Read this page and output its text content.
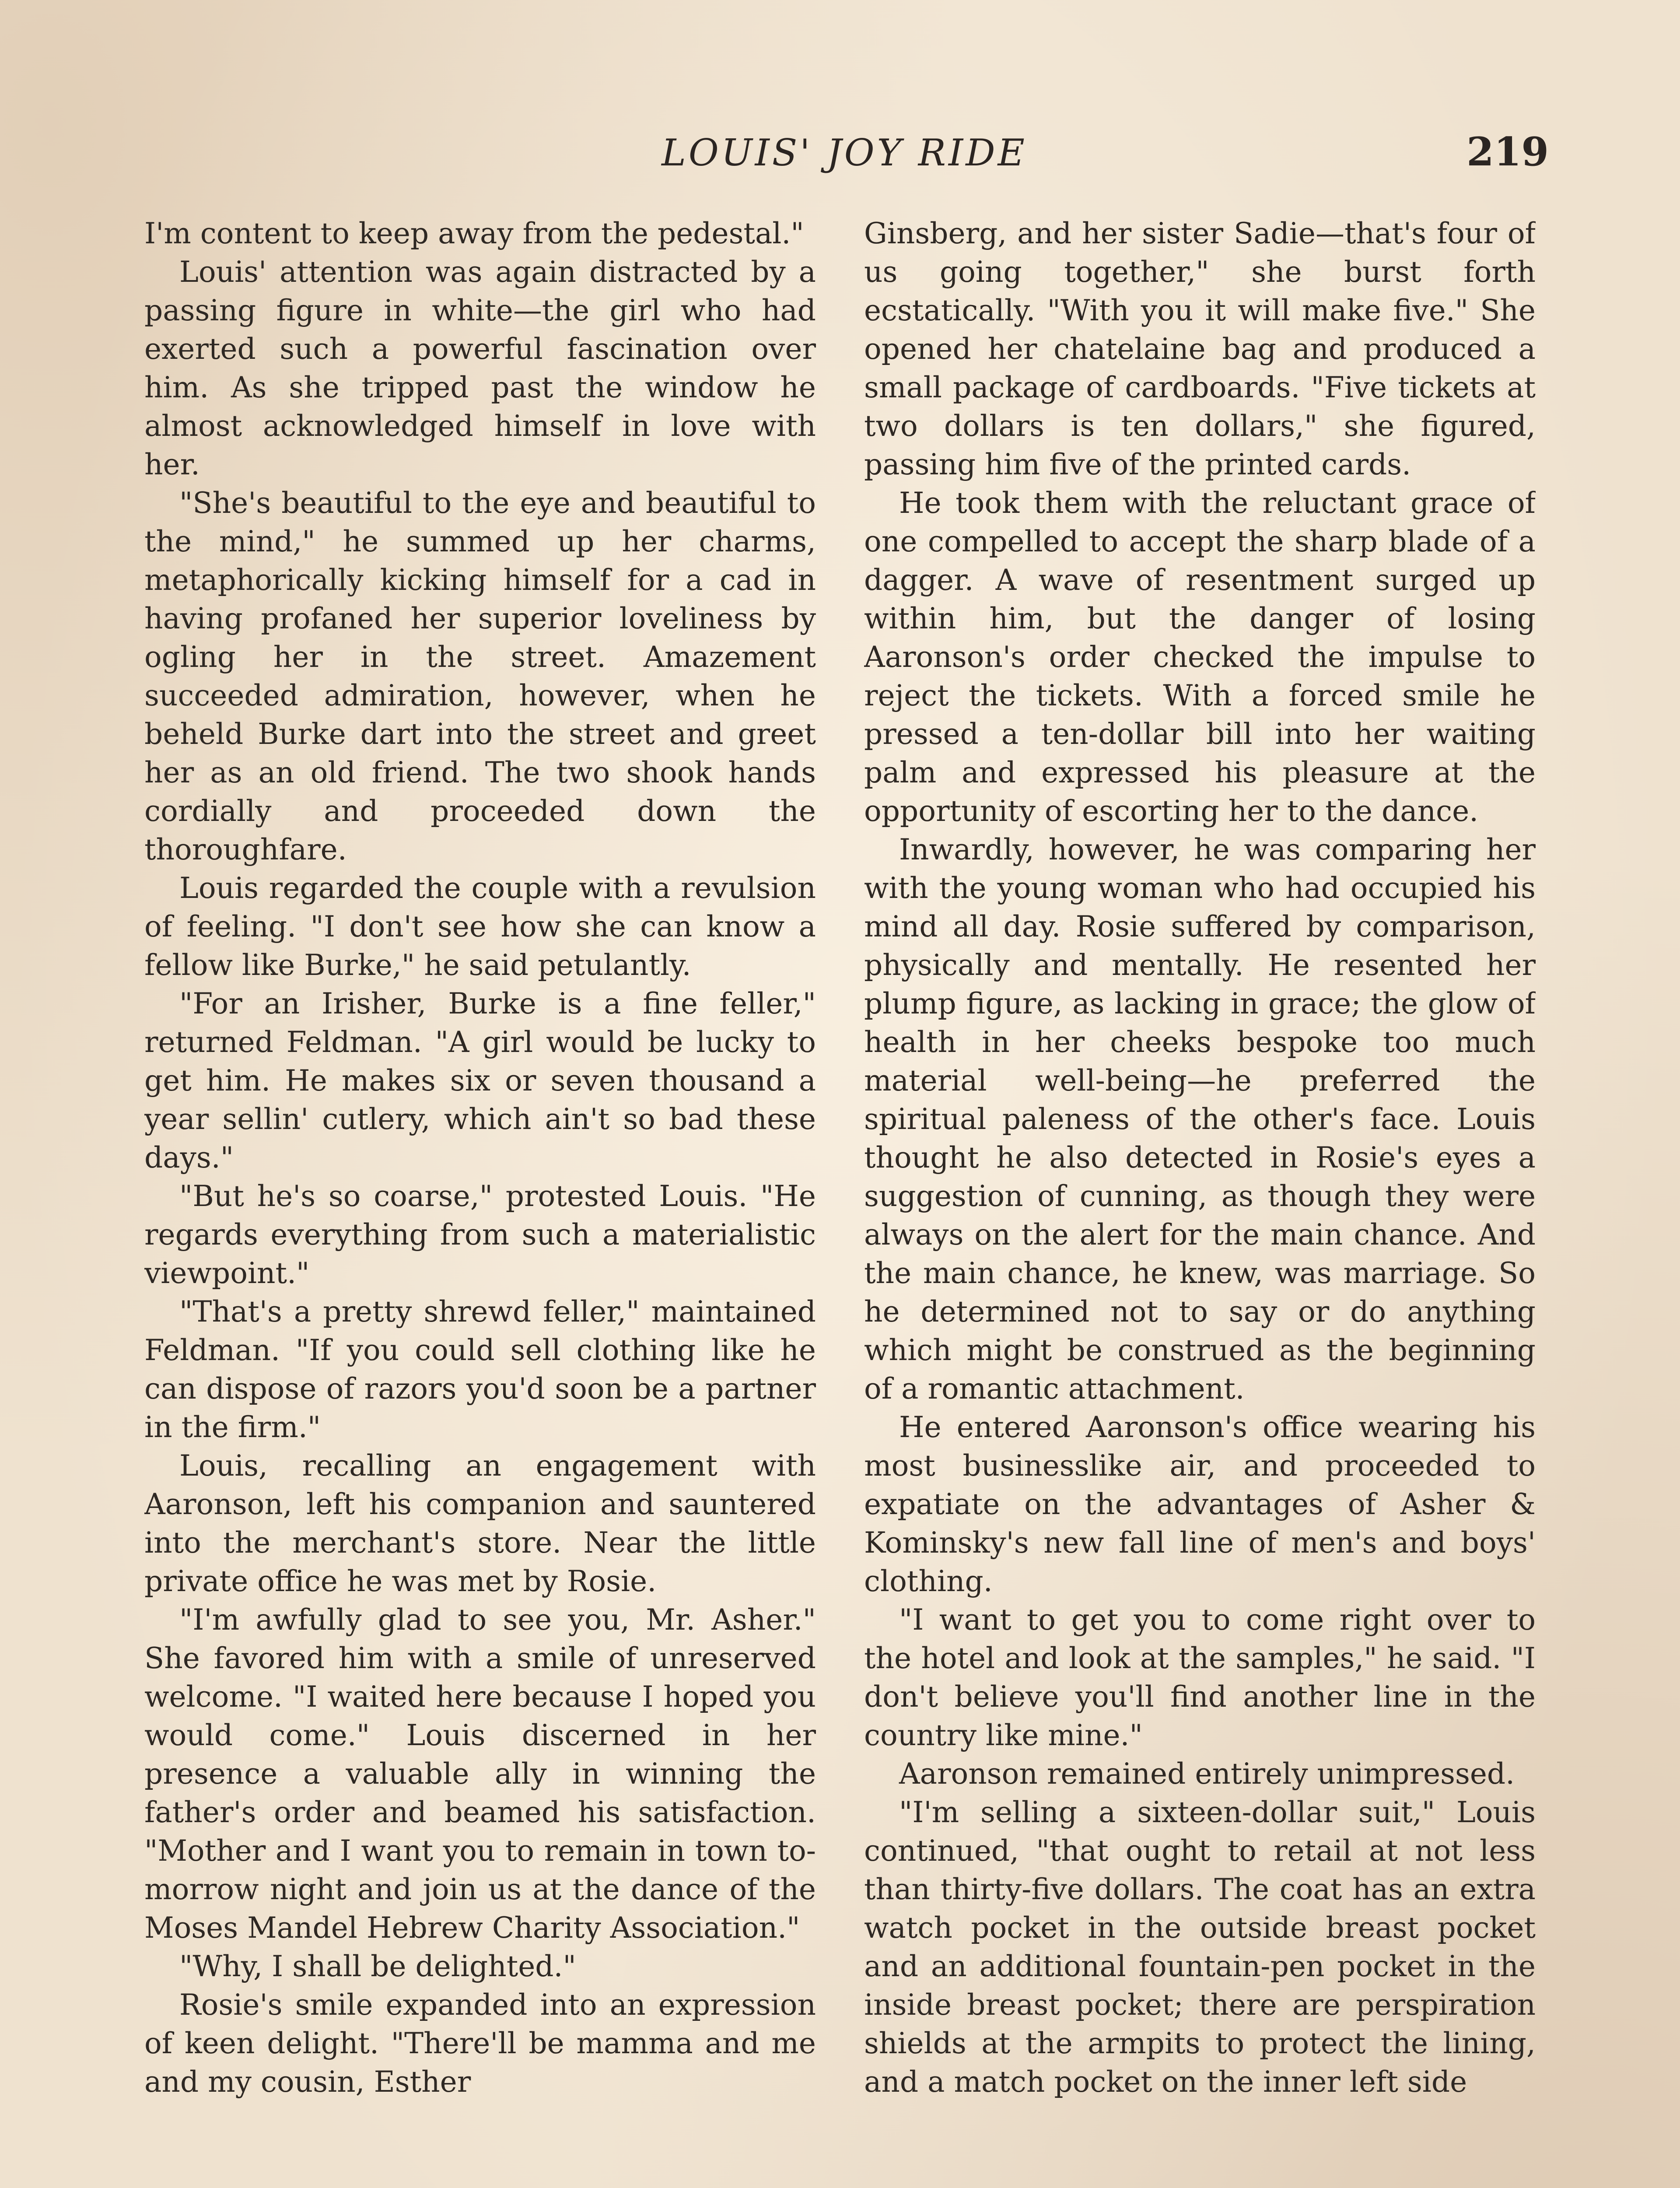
LOUIS' JOY RIDE	219

I'm content to keep away from the pedestal."

Louis' attention was again distracted by a passing figure in white—the girl who had exerted such a powerful fascination over him. As she tripped past the window he almost acknowledged himself in love with her.

"She's beautiful to the eye and beautiful to the mind," he summed up her charms, metaphorically kicking himself for a cad in having profaned her superior loveliness by ogling her in the street. Amazement succeeded admiration, however, when he beheld Burke dart into the street and greet her as an old friend. The two shook hands cordially and proceeded down the thoroughfare.

Louis regarded the couple with a revulsion of feeling. "I don't see how she can know a fellow like Burke," he said petulantly.

"For an Irisher, Burke is a fine feller," returned Feldman. "A girl would be lucky to get him. He makes six or seven thousand a year sellin' cutlery, which ain't so bad these days."

"But he's so coarse," protested Louis. "He regards everything from such a materialistic viewpoint."

"That's a pretty shrewd feller," maintained Feldman. "If you could sell clothing like he can dispose of razors you'd soon be a partner in the firm."

Louis, recalling an engagement with Aaronson, left his companion and sauntered into the merchant's store. Near the little private office he was met by Rosie.

"I'm awfully glad to see you, Mr. Asher." She favored him with a smile of unreserved welcome. "I waited here because I hoped you would come." Louis discerned in her presence a valuable ally in winning the father's order and beamed his satisfaction. "Mother and I want you to remain in town to-morrow night and join us at the dance of the Moses Mandel Hebrew Charity Association."

"Why, I shall be delighted."

Rosie's smile expanded into an expression of keen delight. "There'll be mamma and me and my cousin, Esther

Ginsberg, and her sister Sadie—that's four of us going together," she burst forth ecstatically. "With you it will make five." She opened her chatelaine bag and produced a small package of cardboards. "Five tickets at two dollars is ten dollars," she figured, passing him five of the printed cards.

He took them with the reluctant grace of one compelled to accept the sharp blade of a dagger. A wave of resentment surged up within him, but the danger of losing Aaronson's order checked the impulse to reject the tickets. With a forced smile he pressed a ten-dollar bill into her waiting palm and expressed his pleasure at the opportunity of escorting her to the dance.

Inwardly, however, he was comparing her with the young woman who had occupied his mind all day. Rosie suffered by comparison, physically and mentally. He resented her plump figure, as lacking in grace; the glow of health in her cheeks bespoke too much material well-being—he preferred the spiritual paleness of the other's face. Louis thought he also detected in Rosie's eyes a suggestion of cunning, as though they were always on the alert for the main chance. And the main chance, he knew, was marriage. So he determined not to say or do anything which might be construed as the beginning of a romantic attachment.

He entered Aaronson's office wearing his most businesslike air, and proceeded to expatiate on the advantages of Asher & Kominsky's new fall line of men's and boys' clothing.

"I want to get you to come right over to the hotel and look at the samples," he said. "I don't believe you'll find another line in the country like mine."

Aaronson remained entirely unimpressed.

"I'm selling a sixteen-dollar suit," Louis continued, "that ought to retail at not less than thirty-five dollars. The coat has an extra watch pocket in the outside breast pocket and an additional fountain-pen pocket in the inside breast pocket; there are perspiration shields at the armpits to protect the lining, and a match pocket on the inner left side
